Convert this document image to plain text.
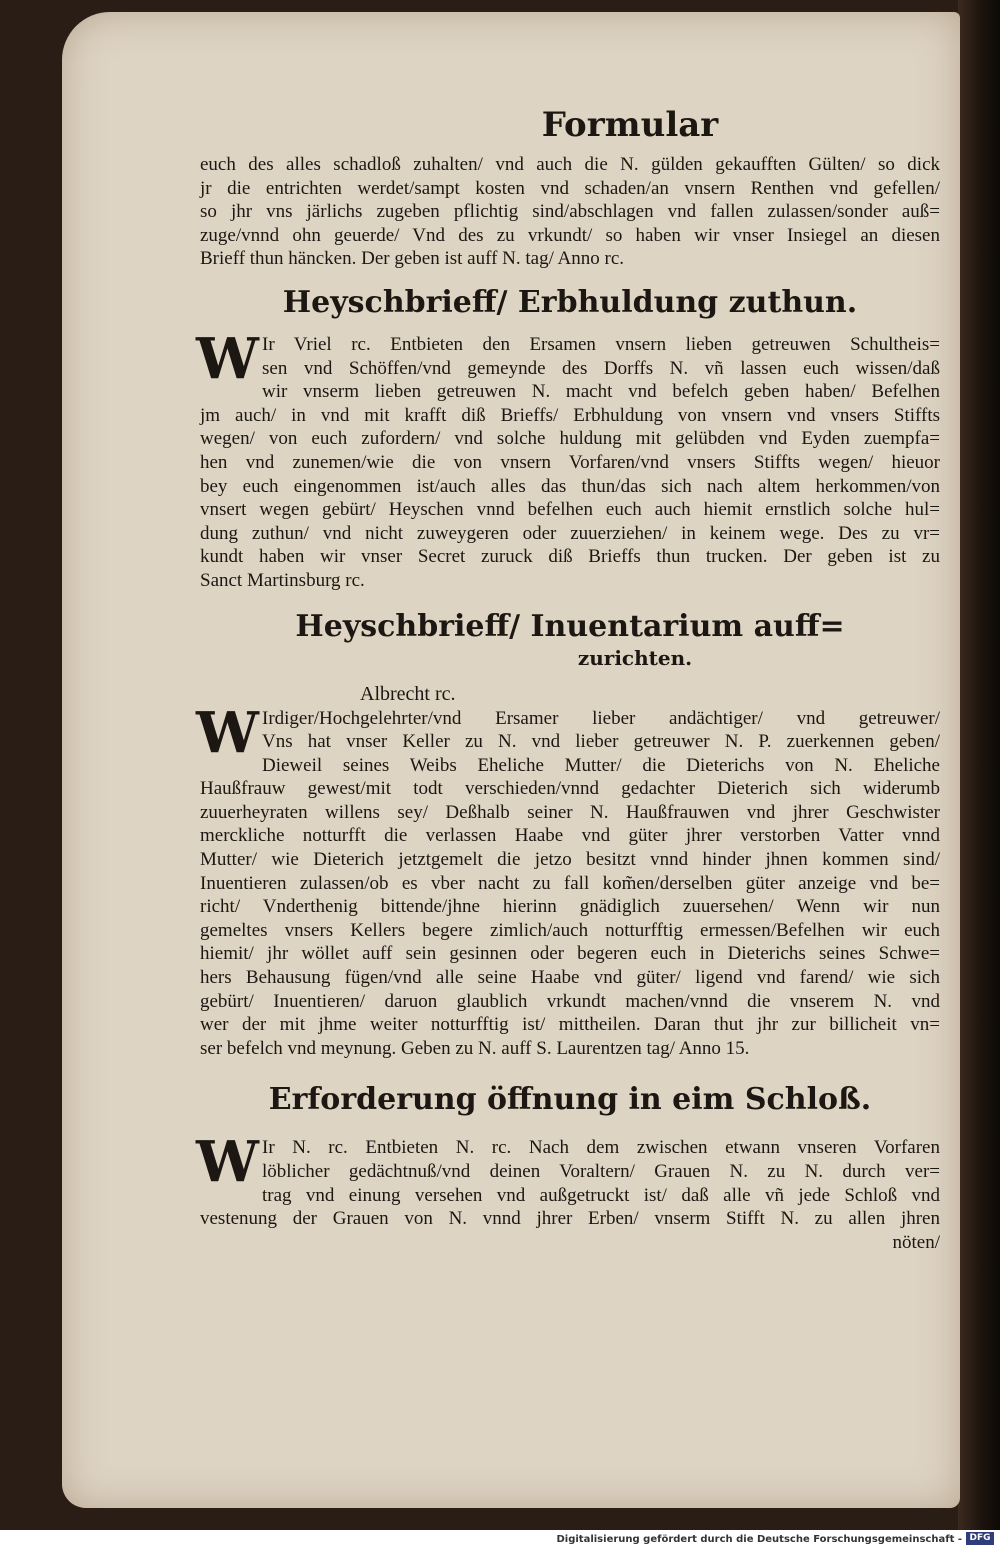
Formular
euch des alles schadloß zuhalten/ vnd auch die N. gülden gekaufften Gülten/ so dick
jr die entrichten werdet/sampt kosten vnd schaden/an vnsern Renthen vnd gefellen/
so jhr vns järlichs zugeben pflichtig sind/abschlagen vnd fallen zulassen/sonder auß=
zuge/vnnd ohn geuerde/ Vnd des zu vrkundt/ so haben wir vnser Insiegel an diesen
Brieff thun häncken. Der geben ist auff N. tag/ Anno rc.
Heyschbrieff/ Erbhuldung zuthun.
W Ir Vriel rc. Entbieten den Ersamen vnsern lieben getreuwen Schultheis=
sen vnd Schöffen/vnd gemeynde des Dorffs N. vñ lassen euch wissen/daß
wir vnserm lieben getreuwen N. macht vnd befelch geben haben/ Befelhen
jm auch/ in vnd mit krafft diß Brieffs/ Erbhuldung von vnsern vnd vnsers Stiffts
wegen/ von euch zufordern/ vnd solche huldung mit gelübden vnd Eyden zuempfa=
hen vnd zunemen/wie die von vnsern Vorfaren/vnd vnsers Stiffts wegen/ hieuor
bey euch eingenommen ist/auch alles das thun/das sich nach altem herkommen/von
vnsert wegen gebürt/ Heyschen vnnd befelhen euch auch hiemit ernstlich solche hul=
dung zuthun/ vnd nicht zuweygeren oder zuuerziehen/ in keinem wege. Des zu vr=
kundt haben wir vnser Secret zuruck diß Brieffs thun trucken. Der geben ist zu
Sanct Martinsburg rc.
Heyschbrieff/ Inuentarium auff=
zurichten.
Albrecht rc.
W Irdiger/Hochgelehrter/vnd Ersamer lieber andächtiger/ vnd getreuwer/
Vns hat vnser Keller zu N. vnd lieber getreuwer N. P. zuerkennen geben/
Dieweil seines Weibs Eheliche Mutter/ die Dieterichs von N. Eheliche
Haußfrauw gewest/mit todt verschieden/vnnd gedachter Dieterich sich widerumb
zuuerheyraten willens sey/ Deßhalb seiner N. Haußfrauwen vnd jhrer Geschwister
merckliche notturfft die verlassen Haabe vnd güter jhrer verstorben Vatter vnnd
Mutter/ wie Dieterich jetztgemelt die jetzo besitzt vnnd hinder jhnen kommen sind/
Inuentieren zulassen/ob es vber nacht zu fall kom̃en/derselben güter anzeige vnd be=
richt/ Vnderthenig bittende/jhne hierinn gnädiglich zuuersehen/ Wenn wir nun
gemeltes vnsers Kellers begere zimlich/auch notturfftig ermessen/Befelhen wir euch
hiemit/ jhr wöllet auff sein gesinnen oder begeren euch in Dieterichs seines Schwe=
hers Behausung fügen/vnd alle seine Haabe vnd güter/ ligend vnd farend/ wie sich
gebürt/ Inuentieren/ daruon glaublich vrkundt machen/vnnd die vnserem N. vnd
wer der mit jhme weiter notturfftig ist/ mittheilen. Daran thut jhr zur billicheit vn=
ser befelch vnd meynung. Geben zu N. auff S. Laurentzen tag/ Anno 15.
Erforderung öffnung in eim Schloß.
W Ir N. rc. Entbieten N. rc. Nach dem zwischen etwann vnseren Vorfaren
löblicher gedächtnuß/vnd deinen Voraltern/ Grauen N. zu N. durch ver=
trag vnd einung versehen vnd außgetruckt ist/ daß alle vñ jede Schloß vnd
vestenung der Grauen von N. vnnd jhrer Erben/ vnserm Stifft N. zu allen jhren
nöten/
Digitalisierung gefördert durch die Deutsche Forschungsgemeinschaft - DFG
